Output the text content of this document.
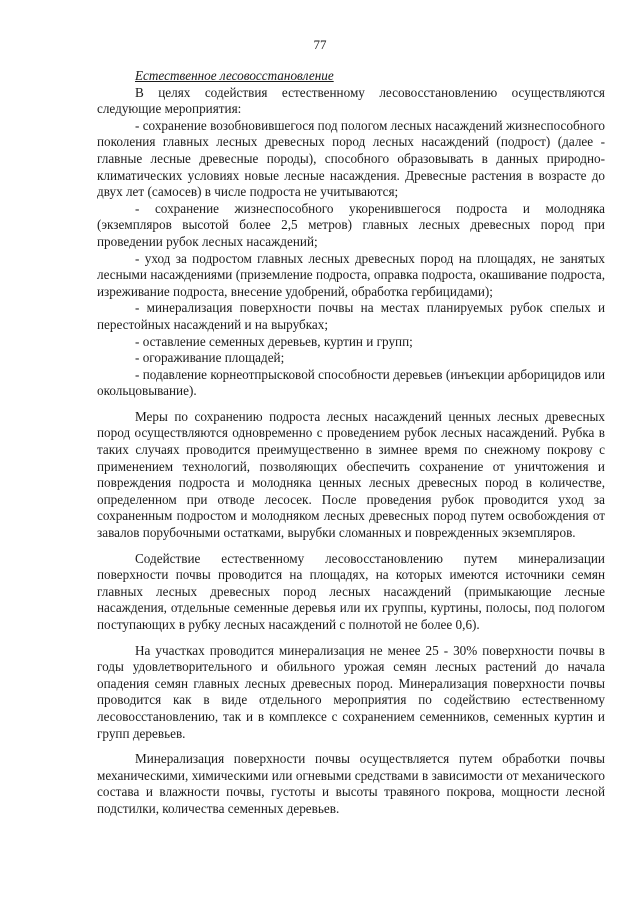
77
Естественное лесовосстановление

В целях содействия естественному лесовосстановлению осуществляются следующие мероприятия:

- сохранение возобновившегося под пологом лесных насаждений жизнеспособного поколения главных лесных древесных пород лесных насаждений (подрост) (далее - главные лесные древесные породы), способного образовывать в данных природно-климатических условиях новые лесные насаждения. Древесные растения в возрасте до двух лет (самосев) в числе подроста не учитываются;

- сохранение жизнеспособного укоренившегося подроста и молодняка (экземпляров высотой более 2,5 метров) главных лесных древесных пород при проведении рубок лесных насаждений;

- уход за подростом главных лесных древесных пород на площадях, не занятых лесными насаждениями (приземление подроста, оправка подроста, окашивание подроста, изреживание подроста, внесение удобрений, обработка гербицидами);

- минерализация поверхности почвы на местах планируемых рубок спелых и перестойных насаждений и на вырубках;

- оставление семенных деревьев, куртин и групп;

- огораживание площадей;

- подавление корнеотпрысковой способности деревьев (инъекции арборицидов или окольцовывание).

Меры по сохранению подроста лесных насаждений ценных лесных древесных пород осуществляются одновременно с проведением рубок лесных насаждений. Рубка в таких случаях проводится преимущественно в зимнее время по снежному покрову с применением технологий, позволяющих обеспечить сохранение от уничтожения и повреждения подроста и молодняка ценных лесных древесных пород в количестве, определенном при отводе лесосек. После проведения рубок проводится уход за сохраненным подростом и молодняком лесных древесных пород путем освобождения от завалов порубочными остатками, вырубки сломанных и поврежденных экземпляров.

Содействие естественному лесовосстановлению путем минерализации поверхности почвы проводится на площадях, на которых имеются источники семян главных лесных древесных пород лесных насаждений (примыкающие лесные насаждения, отдельные семенные деревья или их группы, куртины, полосы, под пологом поступающих в рубку лесных насаждений с полнотой не более 0,6).

На участках проводится минерализация не менее 25 - 30% поверхности почвы в годы удовлетворительного и обильного урожая семян лесных растений до начала опадения семян главных лесных древесных пород. Минерализация поверхности почвы проводится как в виде отдельного мероприятия по содействию естественному лесовосстановлению, так и в комплексе с сохранением семенников, семенных куртин и групп деревьев.

Минерализация поверхности почвы осуществляется путем обработки почвы механическими, химическими или огневыми средствами в зависимости от механического состава и влажности почвы, густоты и высоты травяного покрова, мощности лесной подстилки, количества семенных деревьев.
